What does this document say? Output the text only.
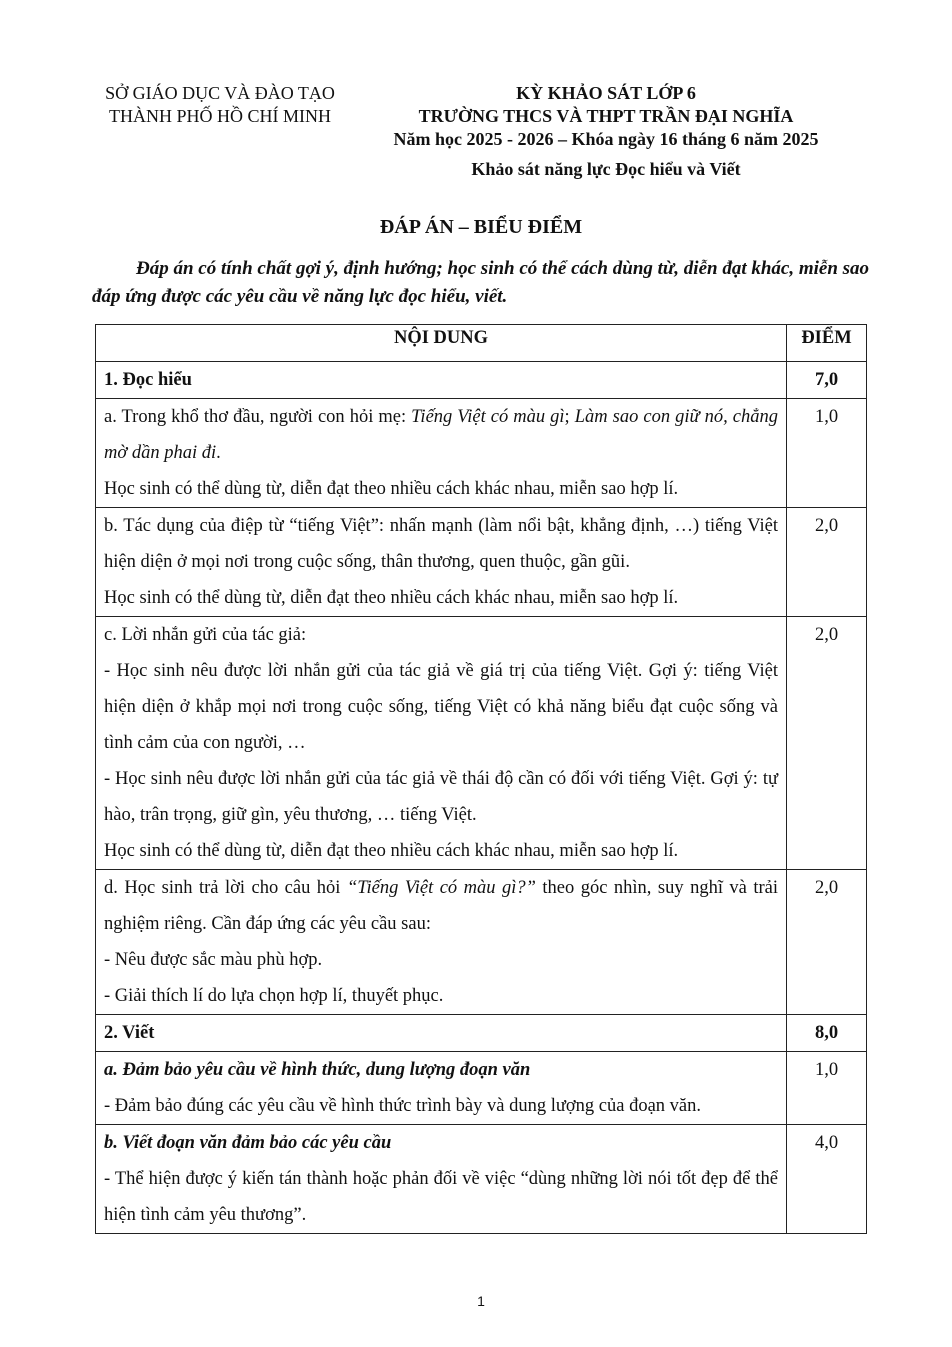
SỞ GIÁO DỤC VÀ ĐÀO TẠO
THÀNH PHỐ HỒ CHÍ MINH
KỲ KHẢO SÁT LỚP 6
TRƯỜNG THCS VÀ THPT TRẦN ĐẠI NGHĨA
Năm học 2025 - 2026 – Khóa ngày 16 tháng 6 năm 2025
Khảo sát năng lực Đọc hiểu và Viết
ĐÁP ÁN – BIỂU ĐIỂM
Đáp án có tính chất gợi ý, định hướng; học sinh có thể cách dùng từ, diễn đạt khác, miễn sao đáp ứng được các yêu cầu về năng lực đọc hiểu, viết.
NỘI DUNG	ĐIỂM
1. Đọc hiểu	7,0
a. Trong khổ thơ đầu, người con hỏi mẹ: Tiếng Việt có màu gì; Làm sao con giữ nó, chẳng mờ dần phai đi.
Học sinh có thể dùng từ, diễn đạt theo nhiều cách khác nhau, miễn sao hợp lí.	1,0

b. Tác dụng của điệp từ “tiếng Việt”: nhấn mạnh (làm nổi bật, khẳng định, …) tiếng Việt hiện diện ở mọi nơi trong cuộc sống, thân thương, quen thuộc, gần gũi.
Học sinh có thể dùng từ, diễn đạt theo nhiều cách khác nhau, miễn sao hợp lí.	2,0

c. Lời nhắn gửi của tác giả:
- Học sinh nêu được lời nhắn gửi của tác giả về giá trị của tiếng Việt. Gợi ý: tiếng Việt hiện diện ở khắp mọi nơi trong cuộc sống, tiếng Việt có khả năng biểu đạt cuộc sống và tình cảm của con người, …
- Học sinh nêu được lời nhắn gửi của tác giả về thái độ cần có đối với tiếng Việt. Gợi ý: tự hào, trân trọng, giữ gìn, yêu thương, … tiếng Việt.
Học sinh có thể dùng từ, diễn đạt theo nhiều cách khác nhau, miễn sao hợp lí.	2,0
d. Học sinh trả lời cho câu hỏi “Tiếng Việt có màu gì?” theo góc nhìn, suy nghĩ và trải nghiệm riêng. Cần đáp ứng các yêu cầu sau:
- Nêu được sắc màu phù hợp.
- Giải thích lí do lựa chọn hợp lí, thuyết phục.	2,0
2. Viết	8,0

a. Đảm bảo yêu cầu về hình thức, dung lượng đoạn văn
- Đảm bảo đúng các yêu cầu về hình thức trình bày và dung lượng của đoạn văn.	1,0

b. Viết đoạn văn đảm bảo các yêu cầu
- Thể hiện được ý kiến tán thành hoặc phản đối về việc “dùng những lời nói tốt đẹp để thể hiện tình cảm yêu thương”.	4,0
1
